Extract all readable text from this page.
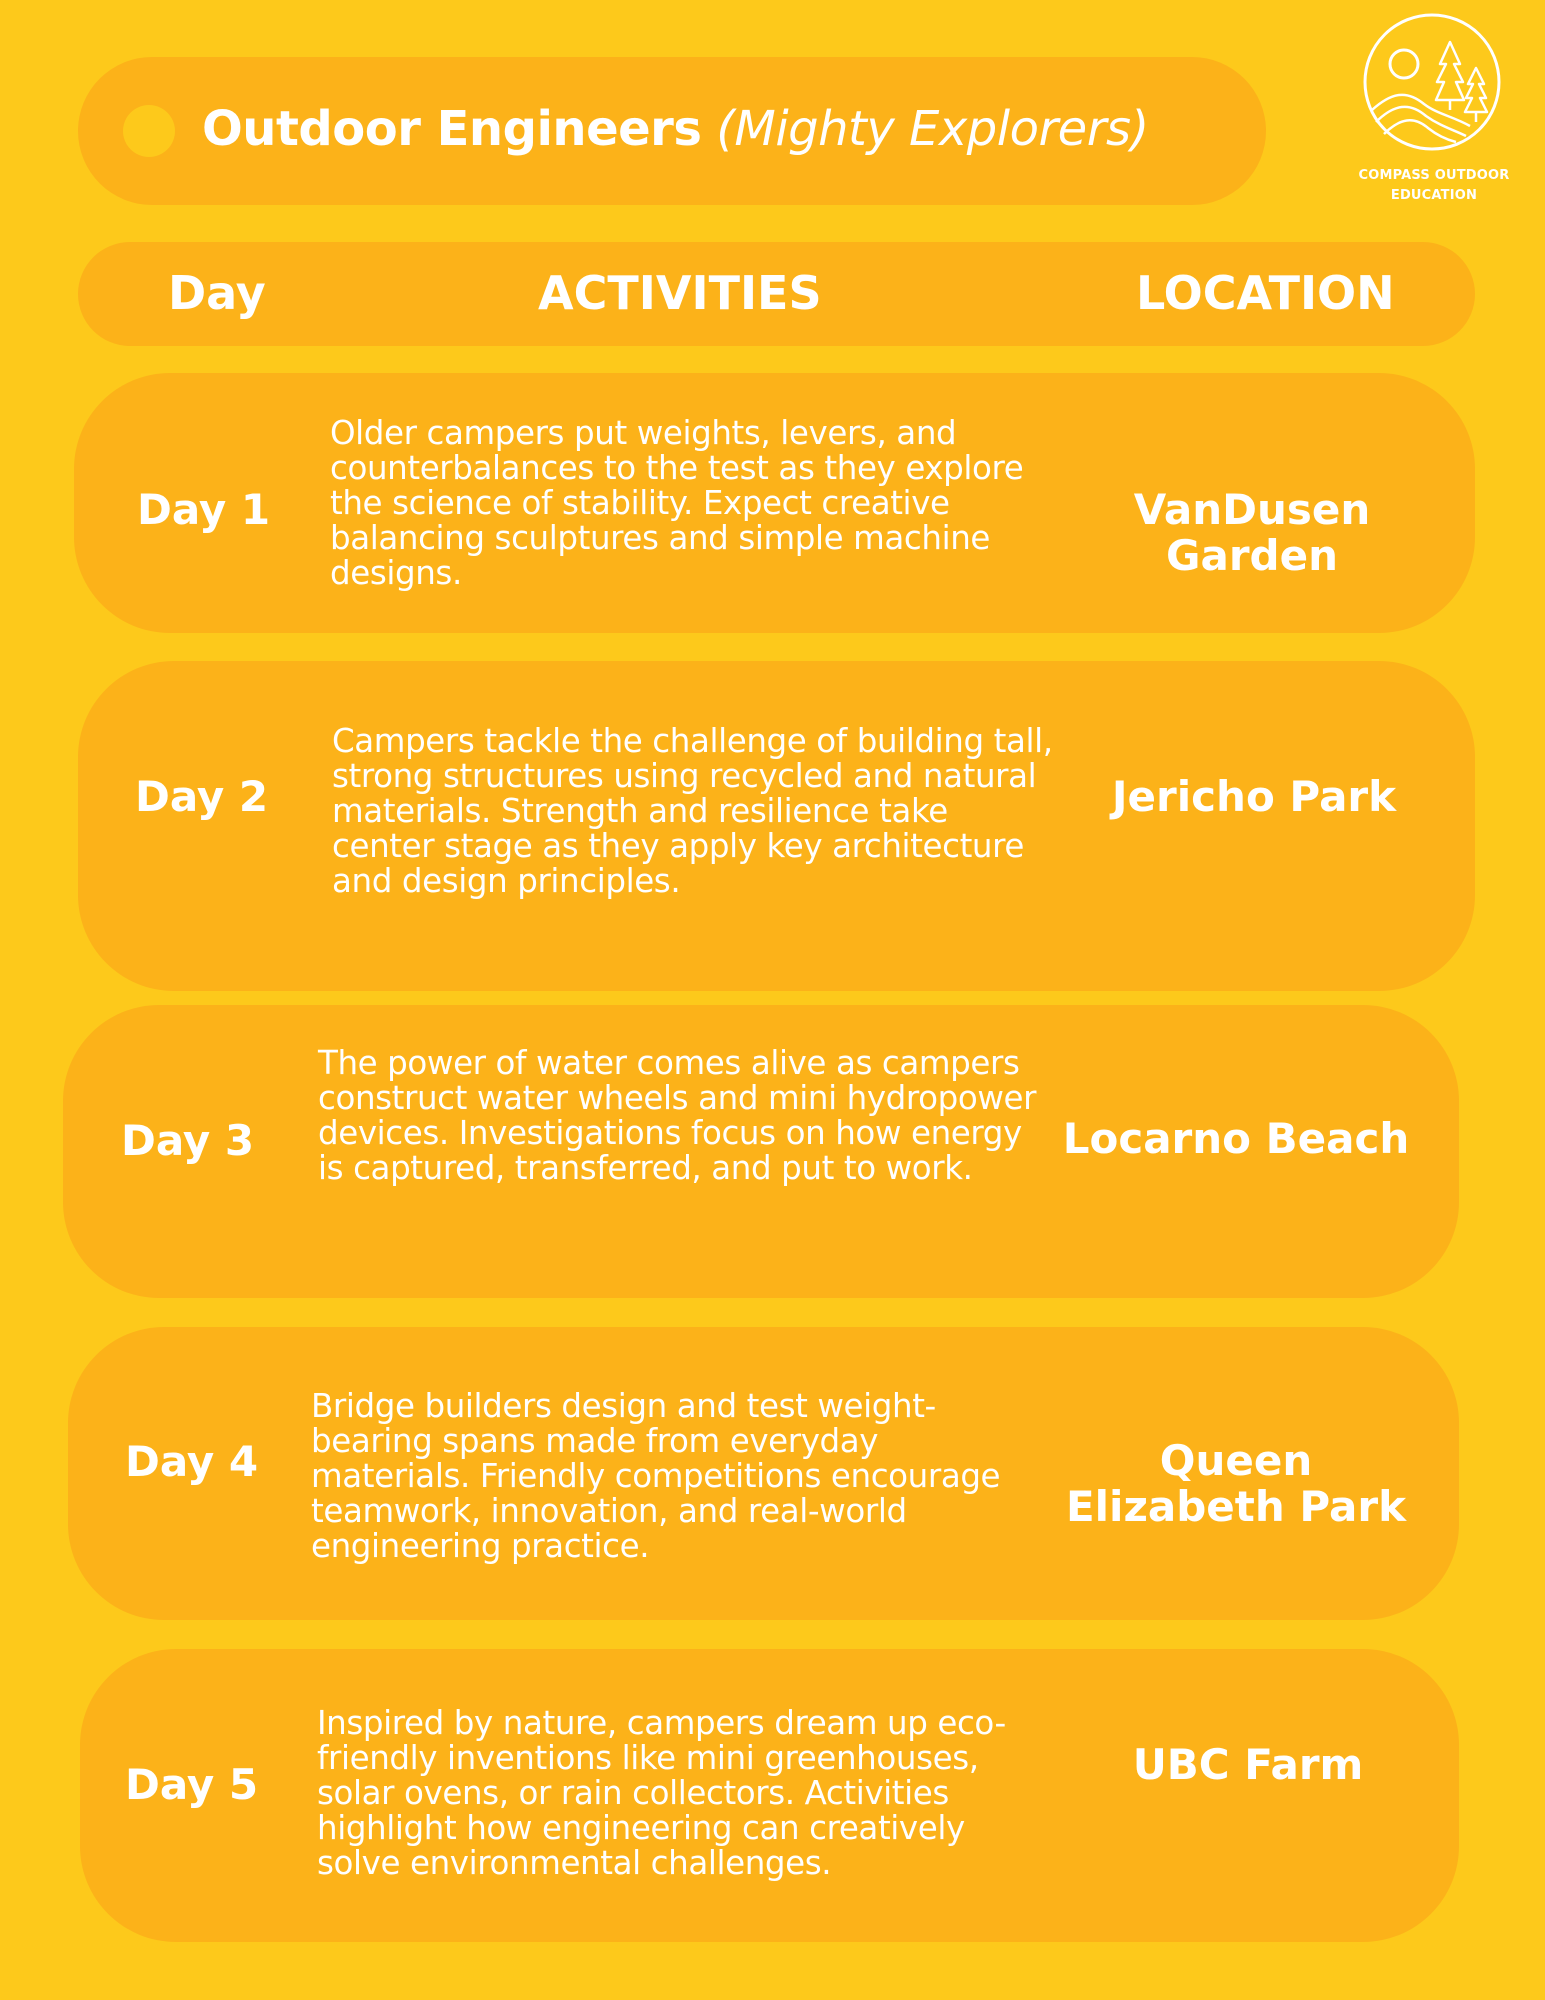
Outdoor Engineers (Mighty Explorers)
COMPASS OUTDOOR
EDUCATION
Day	ACTIVITIES	LOCATION
Day 1
Older campers put weights, levers, and counterbalances to the test as they explore the science of stability. Expect creative balancing sculptures and simple machine designs.
VanDusen Garden
Day 2
Campers tackle the challenge of building tall, strong structures using recycled and natural materials. Strength and resilience take center stage as they apply key architecture and design principles.
Jericho Park
Day 3
The power of water comes alive as campers construct water wheels and mini hydropower devices. Investigations focus on how energy is captured, transferred, and put to work.
Locarno Beach
Day 4
Bridge builders design and test weight-bearing spans made from everyday materials. Friendly competitions encourage teamwork, innovation, and real-world engineering practice.
Queen Elizabeth Park
Day 5
Inspired by nature, campers dream up eco-friendly inventions like mini greenhouses, solar ovens, or rain collectors. Activities highlight how engineering can creatively solve environmental challenges.
UBC Farm
